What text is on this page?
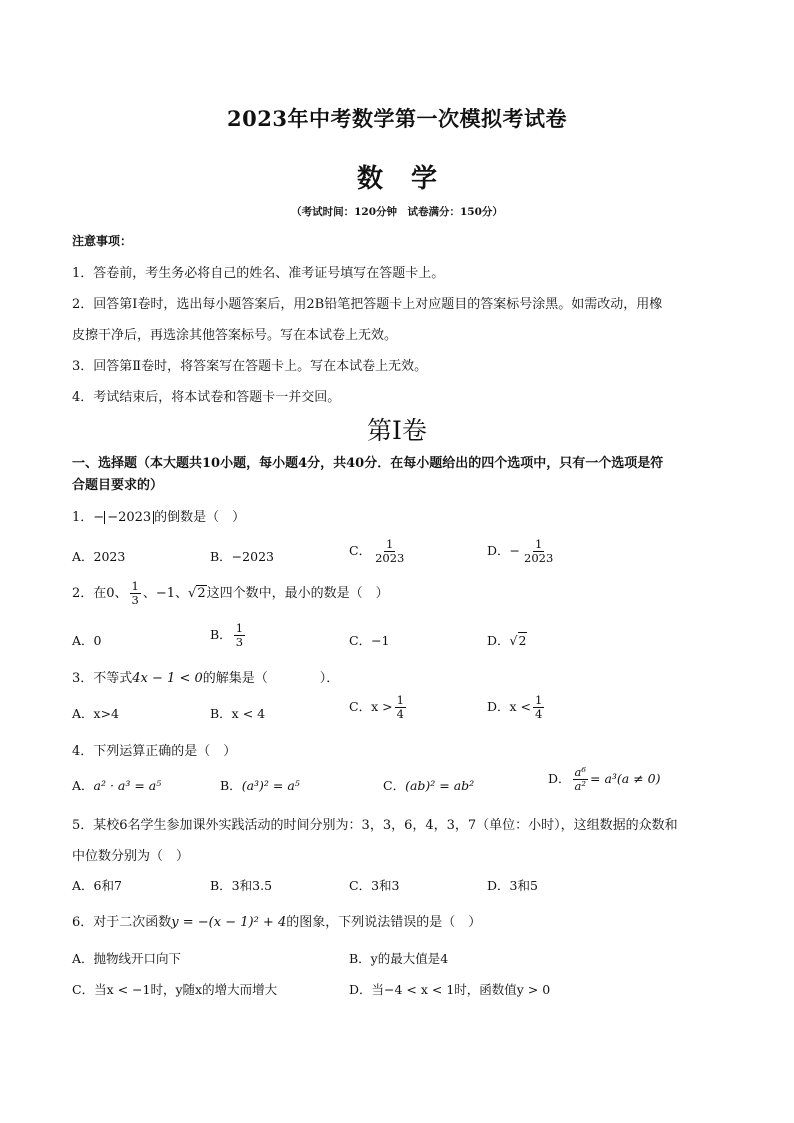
2023年中考数学第一次模拟考试卷
数学
（考试时间：120分钟　试卷满分：150分）
注意事项：
1．答卷前，考生务必将自己的姓名、准考证号填写在答题卡上。
2．回答第Ⅰ卷时，选出每小题答案后，用2B铅笔把答题卡上对应题目的答案标号涂黑。如需改动，用橡
皮擦干净后，再选涂其他答案标号。写在本试卷上无效。
3．回答第Ⅱ卷时，将答案写在答题卡上。写在本试卷上无效。
4．考试结束后，将本试卷和答题卡一并交回。
第Ⅰ卷
一、选择题（本大题共10小题，每小题4分，共40分．在每小题给出的四个选项中，只有一个选项是符
合题目要求的）
1．− −2023 的倒数是（　）
A．2023	B．−2023	C． $\frac{1}{2023}$	D．− $\frac{1}{2023}$
2．在0、 $\frac{1}{3}$ 、−1、√2这四个数中，最小的数是（　）
A．0	B． $\frac{1}{3}$	C．−1	D．√2
3．不等式4x − 1 < 0的解集是（　　　　）．
A．x>4	B．x < 4	C．$x > \frac{1}{4}$	D．$x < \frac{1}{4}$
4．下列运算正确的是（　）
A．a² · a³ = a⁵	B．(a³)² = a⁵	C．(ab)² = ab²	D． $\frac{\text{a⁶}}{\text{a²}} = a^3(a \ne 0)$
5．某校6名学生参加课外实践活动的时间分别为：3，3，6，4，3，7（单位：小时），这组数据的众数和
中位数分别为（　）
A．6和7	B．3和3.5	C．3和3	D．3和5
6．对于二次函数y = −(x − 1)² + 4的图象，下列说法错误的是（　）
A．抛物线开口向下	B．y的最大值是4
C．当x < −1时，y随x的增大而增大	D．当−4 < x < 1时，函数值y > 0
